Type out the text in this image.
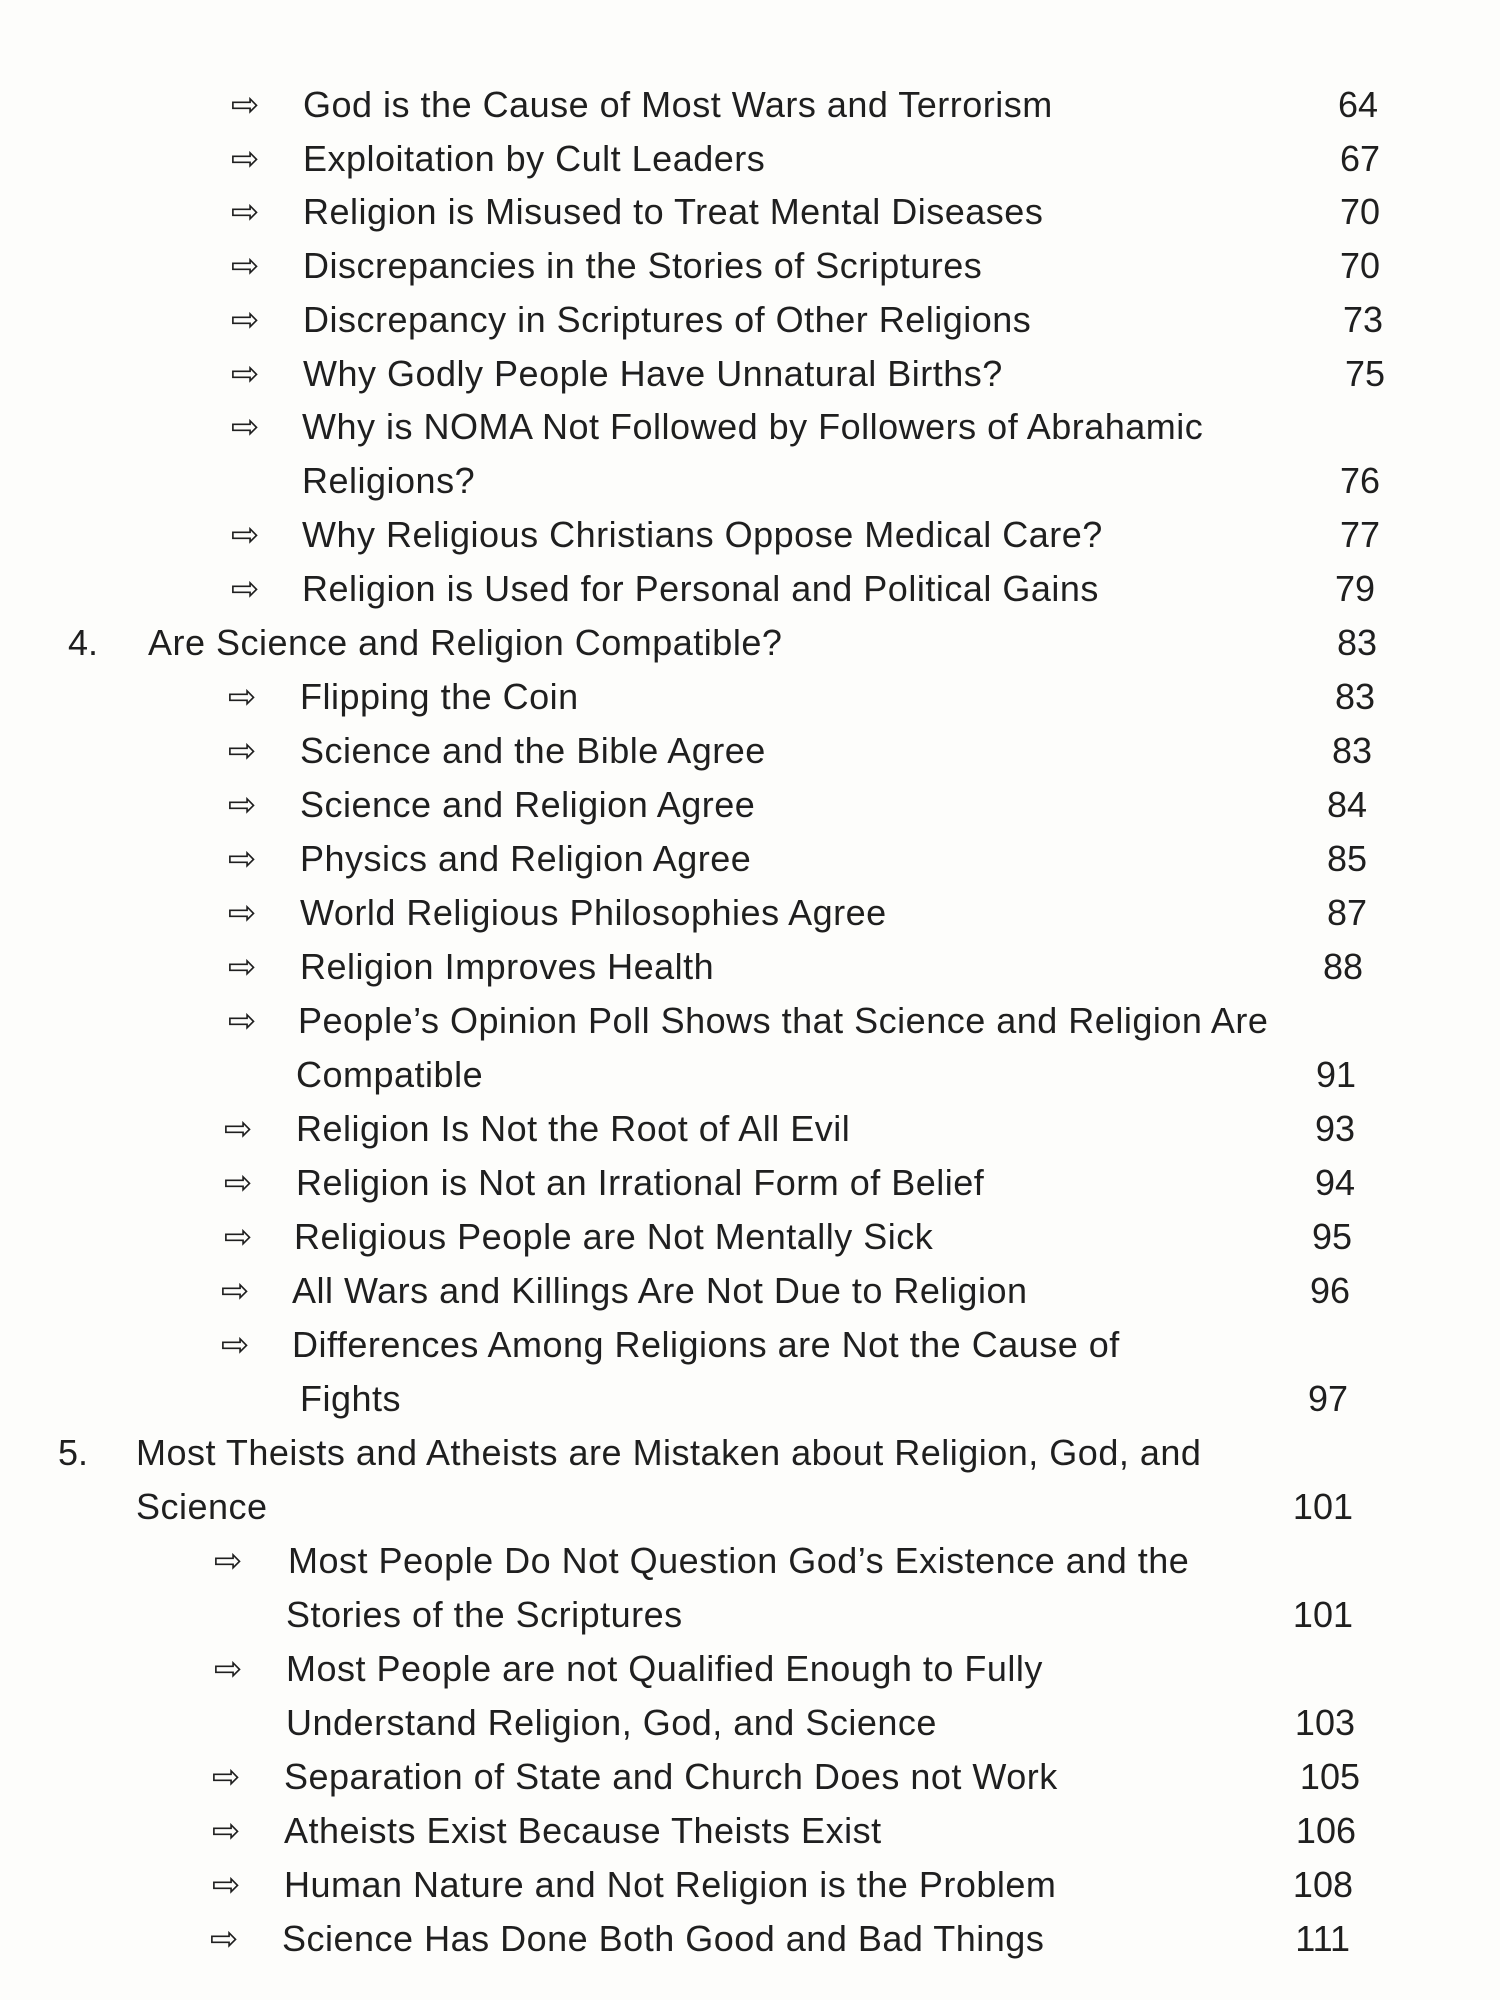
⇨ God is the Cause of Most Wars and Terrorism	64
⇨ Exploitation by Cult Leaders	67
⇨ Religion is Misused to Treat Mental Diseases	70
⇨ Discrepancies in the Stories of Scriptures	70
⇨ Discrepancy in Scriptures of Other Religions	73
⇨ Why Godly People Have Unnatural Births?	75
⇨ Why is NOMA Not Followed by Followers of Abrahamic
Religions?	76
⇨ Why Religious Christians Oppose Medical Care?	77
⇨ Religion is Used for Personal and Political Gains	79
4. Are Science and Religion Compatible?	83
⇨ Flipping the Coin	83
⇨ Science and the Bible Agree	83
⇨ Science and Religion Agree	84
⇨ Physics and Religion Agree	85
⇨ World Religious Philosophies Agree	87
⇨ Religion Improves Health	88
⇨ People’s Opinion Poll Shows that Science and Religion Are
Compatible	91
⇨ Religion Is Not the Root of All Evil	93
⇨ Religion is Not an Irrational Form of Belief	94
⇨ Religious People are Not Mentally Sick	95
⇨ All Wars and Killings Are Not Due to Religion	96
⇨ Differences Among Religions are Not the Cause of
Fights	97
5. Most Theists and Atheists are Mistaken about Religion, God, and
Science	101
⇨ Most People Do Not Question God’s Existence and the
Stories of the Scriptures	101
⇨ Most People are not Qualified Enough to Fully
Understand Religion, God, and Science	103
⇨ Separation of State and Church Does not Work	105
⇨ Atheists Exist Because Theists Exist	106
⇨ Human Nature and Not Religion is the Problem	108
⇨ Science Has Done Both Good and Bad Things	111
